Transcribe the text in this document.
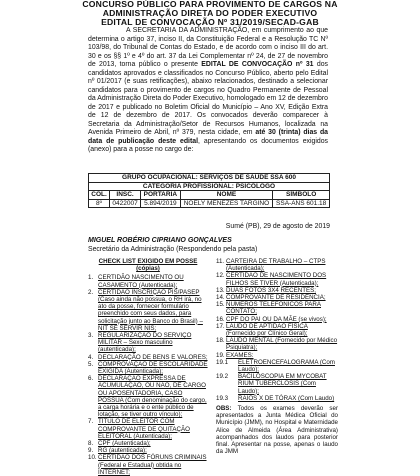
CONCURSO PÚBLICO PARA PROVIMENTO DE CARGOS NA
ADMINISTRAÇÃO DIRETA DO PODER EXECUTIVO
EDITAL DE CONVOCAÇÃO Nº 31/2019/SECAD-GAB

A SECRETARIA DA ADMINISTRAÇÃO, em cumprimento ao que determina o artigo 37, inciso II, da Constituição Federal e a Resolução TC Nº 103/98, do Tribunal de Contas do Estado, e de acordo com o inciso III do art. 30 e os §§ 1º e 4º do art. 37 da Lei Complementar nº 24, de 27 de novembro de 2013, torna público o presente EDITAL DE CONVOCAÇÃO nº 31 dos candidatos aprovados e classificados no Concurso Público, aberto pelo Edital nº 01/2017 (e suas retificações), abaixo relacionados, destinado a selecionar candidatos para o provimento de cargos no Quadro Permanente de Pessoal da Administração Direta do Poder Executivo, homologado em 12 de dezembro de 2017 e publicado no Boletim Oficial do Município – Ano XV, Edição Extra de 12 de dezembro de 2017. Os convocados deverão comparecer à Secretaria da Administração/Setor de Recursos Humanos, localizada na Avenida Primeiro de Abril, nº 379, nesta cidade, em até 30 (trinta) dias da data de publicação deste edital, apresentando os documentos exigidos (anexo) para a posse no cargo de:

GRUPO OCUPACIONAL: SERVIÇOS DE SAÚDE SSA 600				
CATEGORIA PROFISSIONAL: PSICÓLOGO				
COL.	INSC.	PORTARIA	NOME	SÍMBOLO
8º	0422007	5.894/2019	NOELY MENEZES TARGINO	SSA-ANS 601.18
Sumé (PB), 29 de agosto de 2019
MIGUEL ROBÉRIO CIPRIANO GONÇALVES
Secretário da Administração (Respondendo pela pasta)
CHECK LIST EXIGIDO EM POSSE (cópias)
1. CERTIDÃO NASCIMENTO OU CASAMENTO (Autenticada);
2. CERTIDÃO INSCRIÇÃO PIS/PASEP (Caso ainda não possua, o RH irá, no ato da posse, fornecer formulário preenchido com seus dados, para solicitação junto ao Banco do Brasil) – NIT SE SERVIR NIS;
3. REGULARIZAÇÃO DO SERVIÇO MILITAR – Sexo masculino (autenticada);
4. DECLARAÇÃO DE BENS E VALORES;
5. COMPROVAÇÃO DE ESCOLARIDADE EXIGIDA (Autenticada);
6. DECLARAÇÃO EXPRESSA DE ACUMULAÇÃO, OU NÃO, DE CARGO OU APOSENTADORIA, CASO POSSUA (Com denominação do cargo, a carga horária e o ente público de lotação, se tiver outro vínculo);
7. TÍTULO DE ELEITOR COM COMPROVANTE DE QUITAÇÃO ELEITORAL (Autenticada);
8. CPF (Autenticada);
9. RG (autenticada);
10. CERTIDÃO DOS FÓRUNS CRIMINAIS (Federal e Estadual) obtida no INTERNET;
11. CARTEIRA DE TRABALHO – CTPS (Autenticada);
12. CERTIDÃO DE NASCIMENTO DOS FILHOS SE TIVER (Autenticada);
13. DUAS FOTOS 3X4 RECENTES;
14. COMPROVANTE DE RESIDÊNCIA;
15. NÚMEROS TELEFÔNICOS PARA CONTATO;
16. CPF DO PAI OU DA MÃE (se vivos);
17. LAUDO DE APTIDÃO FÍSICA (Fornecido por Clínico Geral);
18. LAUDO MENTAL (Fornecido por Médico Psiquiatra);
19. EXAMES:
19.1 ELETROENCEFALOGRAMA (Com Laudo);
19.2 BACILOSCOPIA EM MYCOBAT RIUM TUBERCLOSIS (Com Laudo);
19.3 RAIOS X DE TÓRAX (Com Laudo)
OBS: Todos os exames deverão ser apresentados a Junta Médica Oficial do Município (JMM), no Hospital e Maternidade Alice de Almeida (Área Administrativa) acompanhados dos laudos para posterior final. Apresentar na posse, apenas o laudo da JMM
